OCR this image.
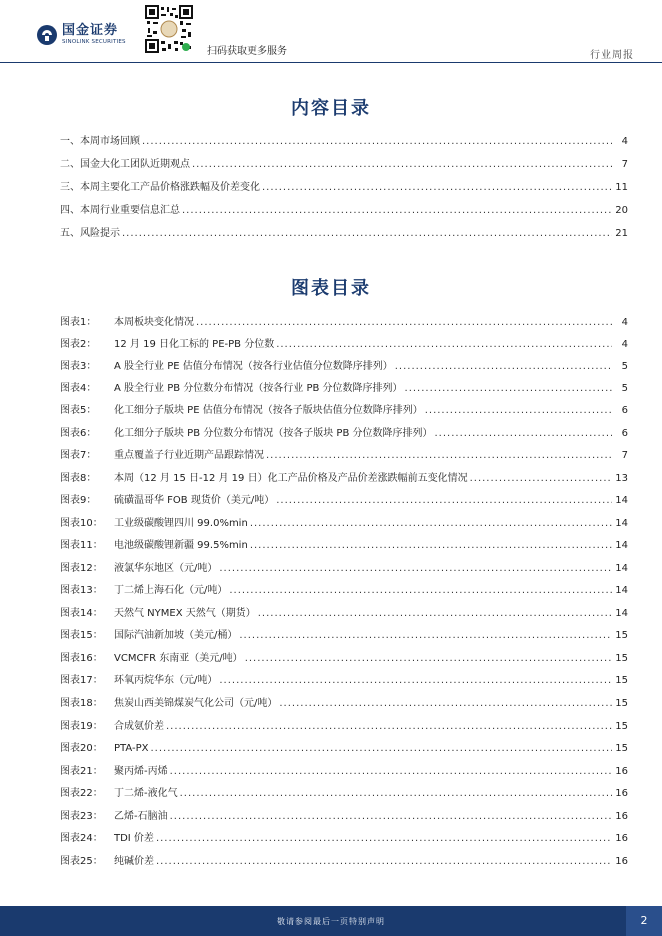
国金证券
SINOLINK SECURITIES
扫码获取更多服务	行业周报
内容目录
一、本周市场回顾 .....	4
二、国金大化工团队近期观点 .....	7
三、本周主要化工产品价格涨跌幅及价差变化 .....	11
四、本周行业重要信息汇总 .....	20
五、风险提示 .....	21
图表目录
图表1：	本周板块变化情况 .....	4
图表2：	12 月 19 日化工标的 PE-PB 分位数 .....	4
图表3：	A 股全行业 PE 估值分布情况（按各行业估值分位数降序排列） .....	5
图表4：	A 股全行业 PB 分位数分布情况（按各行业 PB 分位数降序排列） .....	5
图表5：	化工细分子版块 PE 估值分布情况（按各子版块估值分位数降序排列） .....	6
图表6：	化工细分子版块 PB 分位数分布情况（按各子版块 PB 分位数降序排列） .....	6
图表7：	重点覆盖子行业近期产品跟踪情况 .....	7
图表8：	本周（12 月 15 日-12 月 19 日）化工产品价格及产品价差涨跌幅前五变化情况 .....	13
图表9：	硫磺温哥华 FOB 现货价（美元/吨） .....	14
图表10：	工业级碳酸锂四川 99.0%min .....	14
图表11：	电池级碳酸锂新疆 99.5%min .....	14
图表12：	液氯华东地区（元/吨） .....	14
图表13：	丁二烯上海石化（元/吨） .....	14
图表14：	天然气 NYMEX 天然气（期货） .....	14
图表15：	国际汽油新加坡（美元/桶） .....	15
图表16：	VCMCFR 东南亚（美元/吨） .....	15
图表17：	环氧丙烷华东（元/吨） .....	15
图表18：	焦炭山西美锦煤炭气化公司（元/吨） .....	15
图表19：	合成氨价差 .....	15
图表20：	PTA-PX .....	15
图表21：	聚丙烯-丙烯 .....	16
图表22：	丁二烯-液化气 .....	16
图表23：	乙烯-石脑油 .....	16
图表24：	TDI 价差 .....	16
图表25：	纯碱价差 .....	16
敬请参阅最后一页特别声明	2
